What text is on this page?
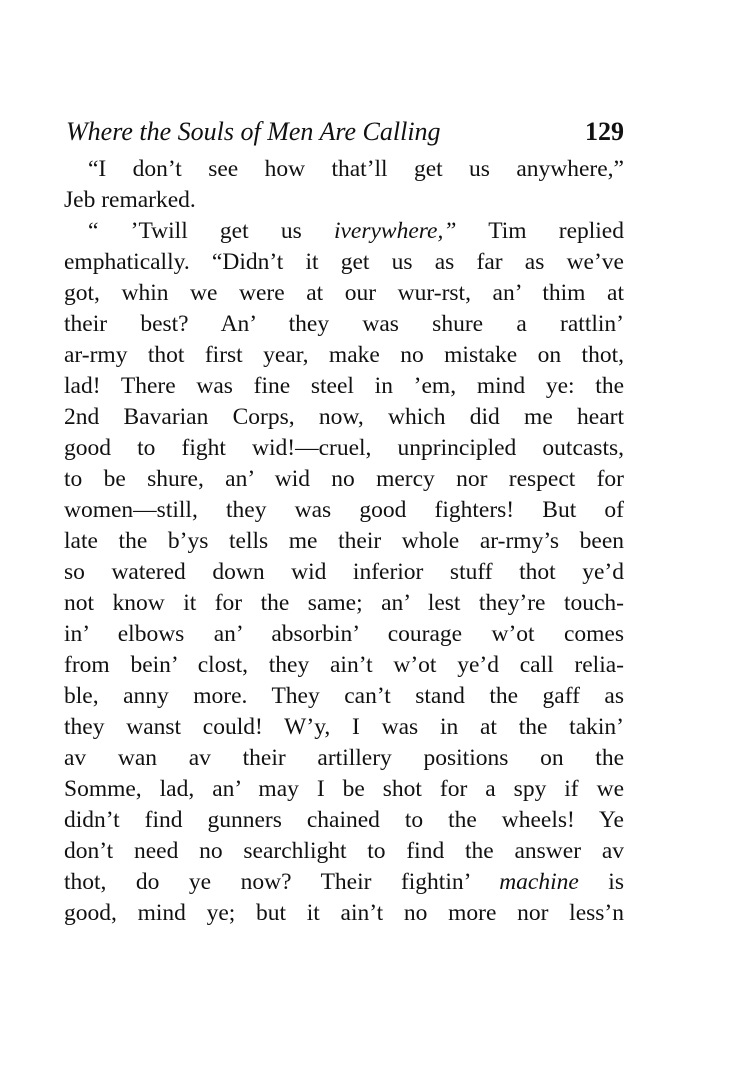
Where the Souls of Men Are Calling	129
“I don’t see how that’ll get us anywhere,”
Jeb remarked.
“ ’Twill get us iverywhere,” Tim replied
emphatically. “Didn’t it get us as far as we’ve
got, whin we were at our wur-rst, an’ thim at
their best? An’ they was shure a rattlin’
ar-rmy thot first year, make no mistake on thot,
lad! There was fine steel in ’em, mind ye: the
2nd Bavarian Corps, now, which did me heart
good to fight wid!—cruel, unprincipled outcasts,
to be shure, an’ wid no mercy nor respect for
women—still, they was good fighters! But of
late the b’ys tells me their whole ar-rmy’s been
so watered down wid inferior stuff thot ye’d
not know it for the same; an’ lest they’re touch-
in’ elbows an’ absorbin’ courage w’ot comes
from bein’ clost, they ain’t w’ot ye’d call relia-
ble, anny more. They can’t stand the gaff as
they wanst could! W’y, I was in at the takin’
av wan av their artillery positions on the
Somme, lad, an’ may I be shot for a spy if we
didn’t find gunners chained to the wheels! Ye
don’t need no searchlight to find the answer av
thot, do ye now? Their fightin’ machine is
good, mind ye; but it ain’t no more nor less’n
